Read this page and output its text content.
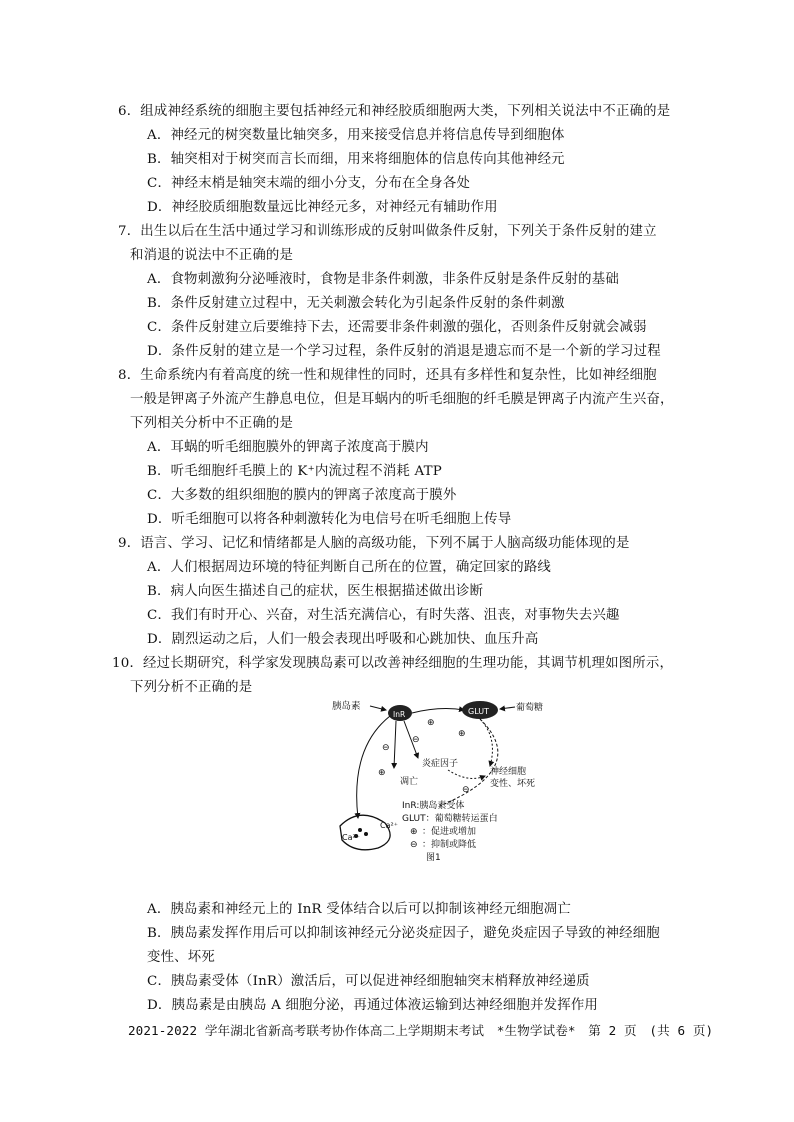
6．组成神经系统的细胞主要包括神经元和神经胶质细胞两大类，下列相关说法中不正确的是
A．神经元的树突数量比轴突多，用来接受信息并将信息传导到细胞体
B．轴突相对于树突而言长而细，用来将细胞体的信息传向其他神经元
C．神经末梢是轴突末端的细小分支，分布在全身各处
D．神经胶质细胞数量远比神经元多，对神经元有辅助作用
7．出生以后在生活中通过学习和训练形成的反射叫做条件反射，下列关于条件反射的建立
和消退的说法中不正确的是
A．食物刺激狗分泌唾液时，食物是非条件刺激，非条件反射是条件反射的基础
B．条件反射建立过程中，无关刺激会转化为引起条件反射的条件刺激
C．条件反射建立后要维持下去，还需要非条件刺激的强化，否则条件反射就会减弱
D．条件反射的建立是一个学习过程，条件反射的消退是遗忘而不是一个新的学习过程
8．生命系统内有着高度的统一性和规律性的同时，还具有多样性和复杂性，比如神经细胞
一般是钾离子外流产生静息电位，但是耳蜗内的听毛细胞的纤毛膜是钾离子内流产生兴奋，
下列相关分析中不正确的是
A．耳蜗的听毛细胞膜外的钾离子浓度高于膜内
B．听毛细胞纤毛膜上的 K⁺内流过程不消耗 ATP
C．大多数的组织细胞的膜内的钾离子浓度高于膜外
D．听毛细胞可以将各种刺激转化为电信号在听毛细胞上传导
9．语言、学习、记忆和情绪都是人脑的高级功能，下列不属于人脑高级功能体现的是
A．人们根据周边环境的特征判断自己所在的位置，确定回家的路线
B．病人向医生描述自己的症状，医生根据描述做出诊断
C．我们有时开心、兴奋，对生活充满信心，有时失落、沮丧，对事物失去兴趣
D．剧烈运动之后，人们一般会表现出呼吸和心跳加快、血压升高
10．经过长期研究，科学家发现胰岛素可以改善神经细胞的生理功能，其调节机理如图所示，
下列分析不正确的是
胰岛素
InR
⊕
GLUT	葡萄糖
⊕
⊖
炎症因子
⊖
⊖
凋亡
神经细胞
变性、坏死
⊕
Ca²⁺
Ca²⁺
InR:胰岛素受体
GLUT：葡萄糖转运蛋白
⊕ ：促进或增加
⊖ ：抑制或降低
图1
A．胰岛素和神经元上的 InR 受体结合以后可以抑制该神经元细胞凋亡
B．胰岛素发挥作用后可以抑制该神经元分泌炎症因子，避免炎症因子导致的神经细胞
变性、坏死
C．胰岛素受体（InR）激活后，可以促进神经细胞轴突末梢释放神经递质
D．胰岛素是由胰岛 A 细胞分泌，再通过体液运输到达神经细胞并发挥作用
2021-2022 学年湖北省新高考联考协作体高二上学期期末考试　*生物学试卷*　第 2 页　(共 6 页)
